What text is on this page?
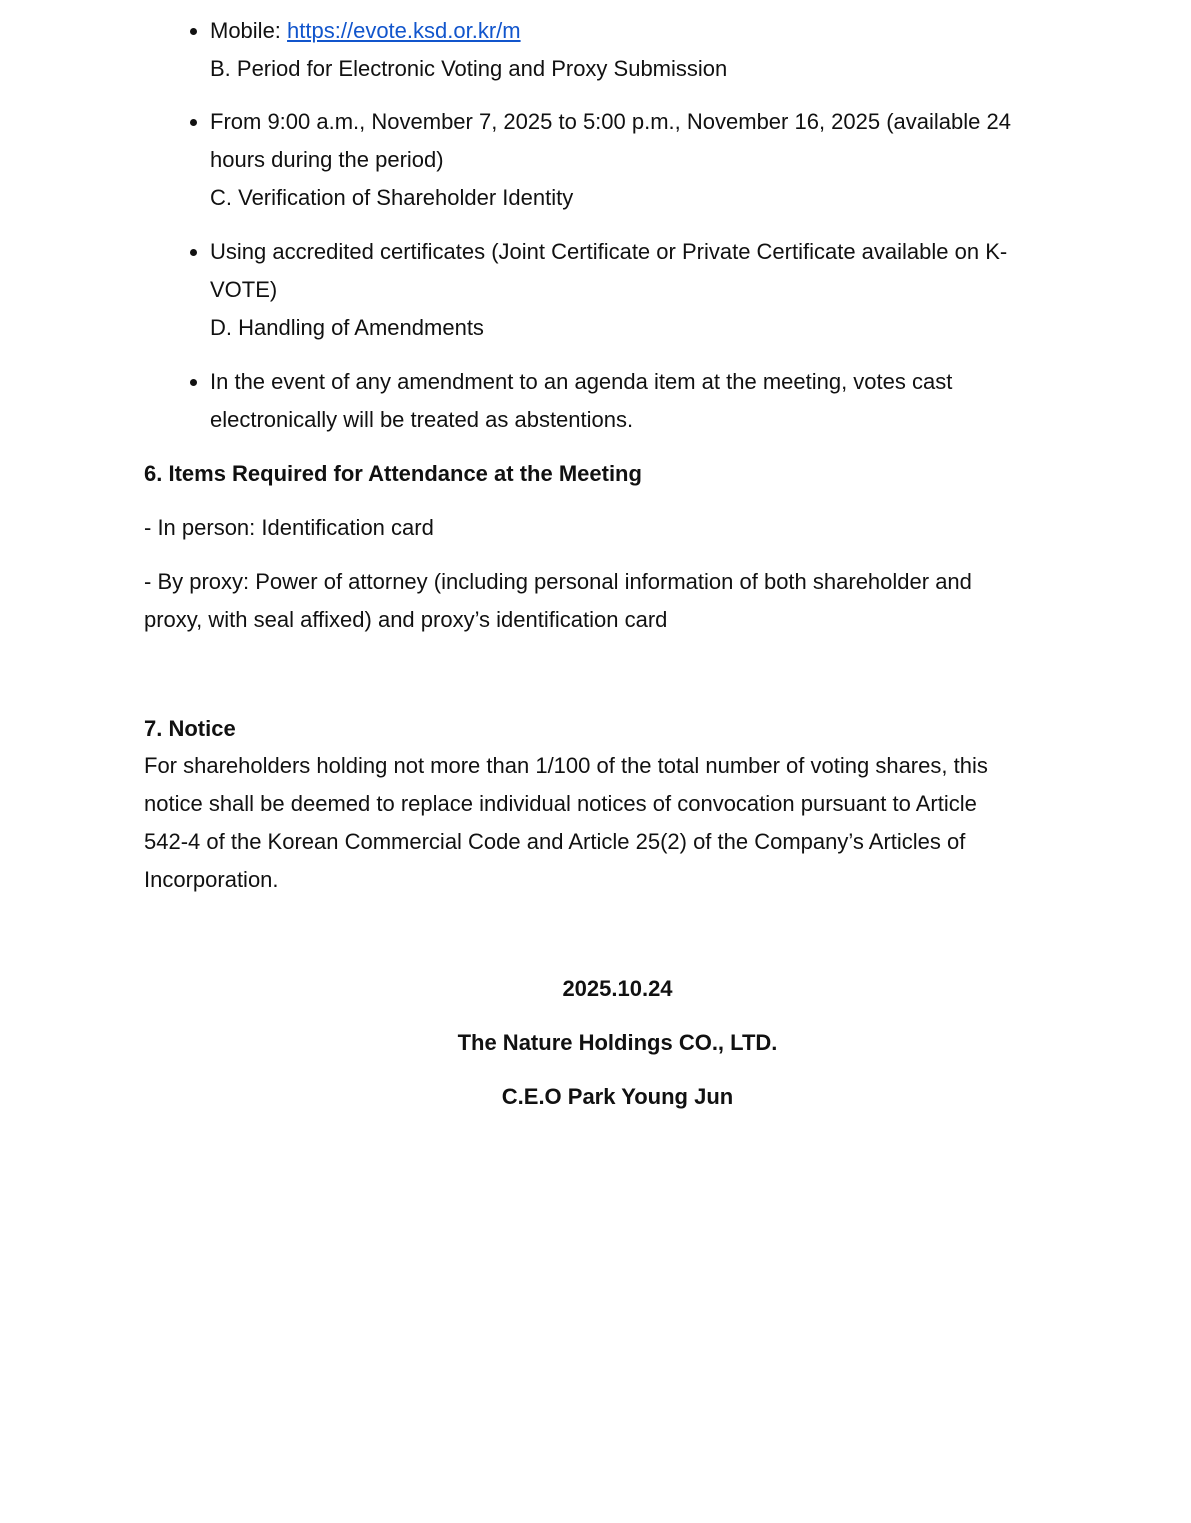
Mobile: https://evote.ksd.or.kr/m
B. Period for Electronic Voting and Proxy Submission
From 9:00 a.m., November 7, 2025 to 5:00 p.m., November 16, 2025 (available 24
hours during the period)
C. Verification of Shareholder Identity
Using accredited certificates (Joint Certificate or Private Certificate available on K-
VOTE)
D. Handling of Amendments
In the event of any amendment to an agenda item at the meeting, votes cast
electronically will be treated as abstentions.
6. Items Required for Attendance at the Meeting
- In person: Identification card
- By proxy: Power of attorney (including personal information of both shareholder and
proxy, with seal affixed) and proxy’s identification card
7. Notice
For shareholders holding not more than 1/100 of the total number of voting shares, this
notice shall be deemed to replace individual notices of convocation pursuant to Article
542-4 of the Korean Commercial Code and Article 25(2) of the Company’s Articles of
Incorporation.
2025.10.24
The Nature Holdings CO., LTD.
C.E.O Park Young Jun
